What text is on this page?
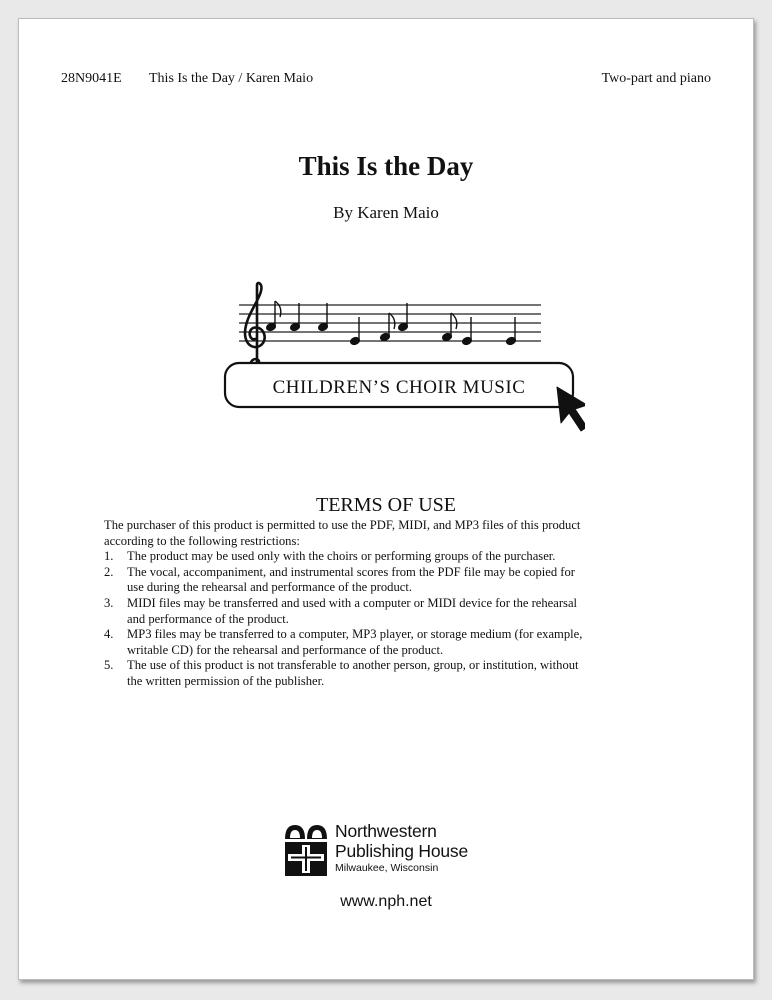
28N9041E This Is the Day / Karen Maio	Two-part and piano
This Is the Day
By Karen Maio
CHILDREN’S CHOIR MUSIC
TERMS OF USE

The purchaser of this product is permitted to use the PDF, MIDI, and MP3 files of this product
according to the following restrictions:

1. The product may be used only with the choirs or performing groups of the purchaser.
2. The vocal, accompaniment, and instrumental scores from the PDF file may be copied for
use during the rehearsal and performance of the product.
3. MIDI files may be transferred and used with a computer or MIDI device for the rehearsal
and performance of the product.
4. MP3 files may be transferred to a computer, MP3 player, or storage medium (for example,
writable CD) for the rehearsal and performance of the product.
5. The use of this product is not transferable to another person, group, or institution, without
the written permission of the publisher.
Northwestern
Publishing House
Milwaukee, Wisconsin
www.nph.net
